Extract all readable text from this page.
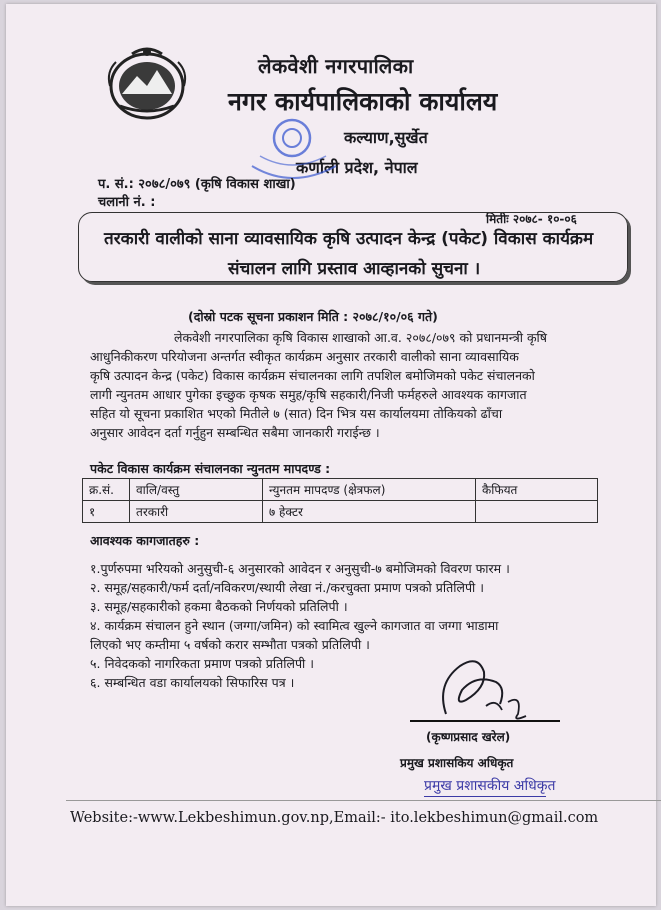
लेकवेशी नगरपालिका
नगर कार्यपालिकाको कार्यालय
कल्याण,सुर्खेत
कर्णाली प्रदेश, नेपाल
प. सं.: २०७८/०७९ (कृषि विकास शाखा)
चलानी नं. :
मितीः २०७८- १०-०६
तरकारी वालीको साना व्यावसायिक कृषि उत्पादन केन्द्र (पकेट) विकास कार्यक्रम
संचालन लागि प्रस्ताव आव्हानको सुचना ।
(दोस्रो पटक सूचना प्रकाशन मिति : २०७८/१०/०६ गते)
लेकवेशी नगरपालिका कृषि विकास शाखाको आ.व. २०७८/०७९ को प्रधानमन्त्री कृषि
आधुनिकीकरण परियोजना अन्तर्गत स्वीकृत कार्यक्रम अनुसार तरकारी वालीको साना व्यावसायिक
कृषि उत्पादन केन्द्र (पकेट) विकास कार्यक्रम संचालनका लागि तपशिल बमोजिमको पकेट संचालनको
लागी न्युनतम आधार पुगेका इच्छुक कृषक समुह/कृषि सहकारी/निजी फर्महरुले आवश्यक कागजात
सहित यो सूचना प्रकाशित भएको मितीले ७ (सात) दिन भित्र यस कार्यालयमा तोकियको ढाँचा
अनुसार आवेदन दर्ता गर्नुहुन सम्बन्धित सबैमा जानकारी गराईन्छ ।
पकेट विकास कार्यक्रम संचालनका न्युनतम मापदण्ड :
क्र.सं.	वालि/वस्तु	न्युनतम मापदण्ड (क्षेत्रफल)	कैफियत
१	तरकारी	७ हेक्टर	
आवश्यक कागजातहरु :
१.पुर्णरुपमा भरियको अनुसुची-६ अनुसारको आवेदन र अनुसुची-७ बमोजिमको विवरण फारम ।
२. समूह/सहकारी/फर्म दर्ता/नविकरण/स्थायी लेखा नं./करचुक्ता प्रमाण पत्रको प्रतिलिपी ।
३. समूह/सहकारीको हकमा बैठकको निर्णयको प्रतिलिपी ।
४. कार्यक्रम संचालन हुने स्थान (जग्गा/जमिन) को स्वामित्व खुल्ने कागजात वा जग्गा भाडामा
लिएको भए कम्तीमा ५ वर्षको करार सम्भौता पत्रको प्रतिलिपी ।
५. निवेदकको नागरिकता प्रमाण पत्रको प्रतिलिपी ।
६. सम्बन्धित वडा कार्यालयको सिफारिस पत्र ।
(कृष्णप्रसाद खरेल)
प्रमुख प्रशासकिय अधिकृत
प्रमुख प्रशासकीय अधिकृत
Website:-www.Lekbeshimun.gov.np,Email:- ito.lekbeshimun@gmail.com
